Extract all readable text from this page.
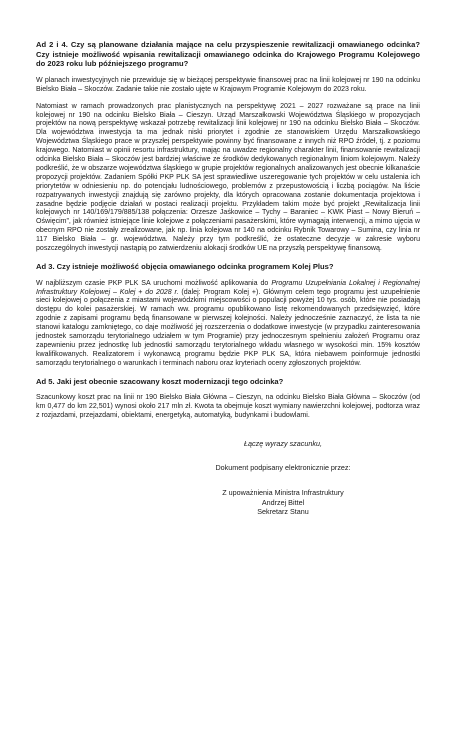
Ad 2 i 4. Czy są planowane działania mające na celu przyspieszenie rewitalizacji omawianego odcinka? Czy istnieje możliwość wpisania rewitalizacji omawianego odcinka do Krajowego Programu Kolejowego do 2023 roku lub późniejszego programu?

W planach inwestycyjnych nie przewiduje się w bieżącej perspektywie finansowej prac na linii kolejowej nr 190 na odcinku Bielsko Biała – Skoczów. Zadanie takie nie zostało ujęte w Krajowym Programie Kolejowym do 2023 roku.

Natomiast w ramach prowadzonych prac planistycznych na perspektywę 2021 – 2027 rozważane są prace na linii kolejowej nr 190 na odcinku Bielsko Biała – Cieszyn. Urząd Marszałkowski Województwa Śląskiego w propozycjach projektów na nową perspektywę wskazał potrzebę rewitalizacji linii kolejowej nr 190 na odcinku Bielsko Biała – Skoczów. Dla województwa inwestycja ta ma jednak niski priorytet i zgodnie ze stanowiskiem Urzędu Marszałkowskiego Województwa Śląskiego prace w przyszłej perspektywie powinny być finansowane z innych niż RPO źródeł, tj. z poziomu krajowego. Natomiast w opinii resortu infrastruktury, mając na uwadze regionalny charakter linii, finansowanie rewitalizacji odcinka Bielsko Biała – Skoczów jest bardziej właściwe ze środków dedykowanych regionalnym liniom kolejowym. Należy podkreślić, że w obszarze województwa śląskiego w grupie projektów regionalnych analizowanych jest obecnie kilkanaście propozycji projektów. Zadaniem Spółki PKP PLK SA jest sprawiedliwe uszeregowanie tych projektów w celu ustalenia ich priorytetów w odniesieniu np. do potencjału ludnościowego, problemów z przepustowością i liczbą pociągów. Na liście rozpatrywanych inwestycji znajdują się zarówno projekty, dla których opracowana zostanie dokumentacja projektowa i zasadne będzie podjęcie działań w postaci realizacji projektu. Przykładem takim może być projekt „Rewitalizacja linii kolejowych nr 140/169/179/885/138 połączenia: Orzesze Jaśkowice – Tychy – Baraniec – KWK Piast – Nowy Bieruń – Oświęcim”, jak również istniejące linie kolejowe z połączeniami pasażerskimi, które wymagają interwencji, a mimo ujęcia w obecnym RPO nie zostały zrealizowane, jak np. linia kolejowa nr 140 na odcinku Rybnik Towarowy – Sumina, czy linia nr 117 Bielsko Biała – gr. województwa. Należy przy tym podkreślić, że ostateczne decyzje w zakresie wyboru poszczególnych inwestycji nastąpią po zatwierdzeniu alokacji środków UE na przyszłą perspektywę finansową.

Ad 3. Czy istnieje możliwość objęcia omawianego odcinka programem Kolej Plus?

W najbliższym czasie PKP PLK SA uruchomi możliwość aplikowania do Programu Uzupełniania Lokalnej i Regionalnej Infrastruktury Kolejowej – Kolej + do 2028 r. (dalej: Program Kolej +). Głównym celem tego programu jest uzupełnienie sieci kolejowej o połączenia z miastami wojewódzkimi miejscowości o populacji powyżej 10 tys. osób, które nie posiadają dostępu do kolei pasażerskiej. W ramach ww. programu opublikowano listę rekomendowanych przedsięwzięć, które zgodnie z zapisami programu będą finansowane w pierwszej kolejności. Należy jednocześnie zaznaczyć, że lista ta nie stanowi katalogu zamkniętego, co daje możliwość jej rozszerzenia o dodatkowe inwestycje (w przypadku zainteresowania jednostek samorządu terytorialnego udziałem w tym Programie) przy jednoczesnym spełnieniu założeń Programu oraz zapewnieniu przez jednostkę lub jednostki samorządu terytorialnego wkładu własnego w wysokości min. 15% kosztów kwalifikowanych. Realizatorem i wykonawcą programu będzie PKP PLK SA, która niebawem poinformuje jednostki samorządu terytorialnego o warunkach i terminach naboru oraz kryteriach oceny zgłoszonych projektów.

Ad 5. Jaki jest obecnie szacowany koszt modernizacji tego odcinka?

Szacunkowy koszt prac na linii nr 190 Bielsko Biała Główna – Cieszyn, na odcinku Bielsko Biała Główna – Skoczów (od km 0,477 do km 22,501) wynosi około 217 mln zł. Kwota ta obejmuje koszt wymiany nawierzchni kolejowej, podtorza wraz z rozjazdami, przejazdami, obiektami, energetyką, automatyką, budynkami i budowlami.

Łączę wyrazy szacunku,
Dokument podpisany elektronicznie przez:
Z upoważnienia Ministra Infrastruktury
Andrzej Bittel
Sekretarz Stanu
